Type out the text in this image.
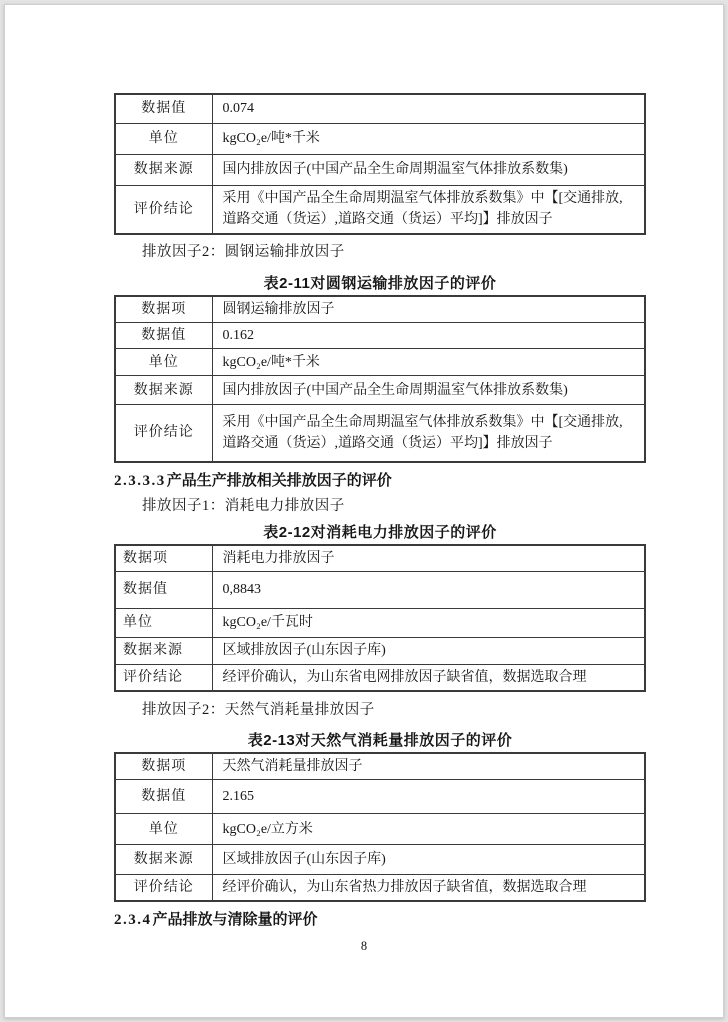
数据值	0.074
单位	kgCO₂e/吨*千米
数据来源	国内排放因子(中国产品全生命周期温室气体排放系数集)
评价结论	采用《中国产品全生命周期温室气体排放系数集》中【[交通排放,道路交通（货运）,道路交通（货运）平均]】排放因子
排放因子2：圆钢运输排放因子
表2-11对圆钢运输排放因子的评价
数据项	圆钢运输排放因子
数据值	0.162
单位	kgCO₂e/吨*千米
数据来源	国内排放因子(中国产品全生命周期温室气体排放系数集)
评价结论	采用《中国产品全生命周期温室气体排放系数集》中【[交通排放,道路交通（货运）,道路交通（货运）平均]】排放因子
2.3.3.3产品生产排放相关排放因子的评价
排放因子1：消耗电力排放因子
表2-12对消耗电力排放因子的评价
数据项	消耗电力排放因子
数据值	0,8843
单位	kgCO₂e/千瓦时
数据来源	区域排放因子(山东因子库)
评价结论	经评价确认，为山东省电网排放因子缺省值，数据选取合理
排放因子2：天然气消耗量排放因子
表2-13对天然气消耗量排放因子的评价
数据项	天然气消耗量排放因子
数据值	2.165
单位	kgCO₂e/立方米
数据来源	区域排放因子(山东因子库)
评价结论	经评价确认，为山东省热力排放因子缺省值，数据选取合理
2.3.4产品排放与清除量的评价
8
